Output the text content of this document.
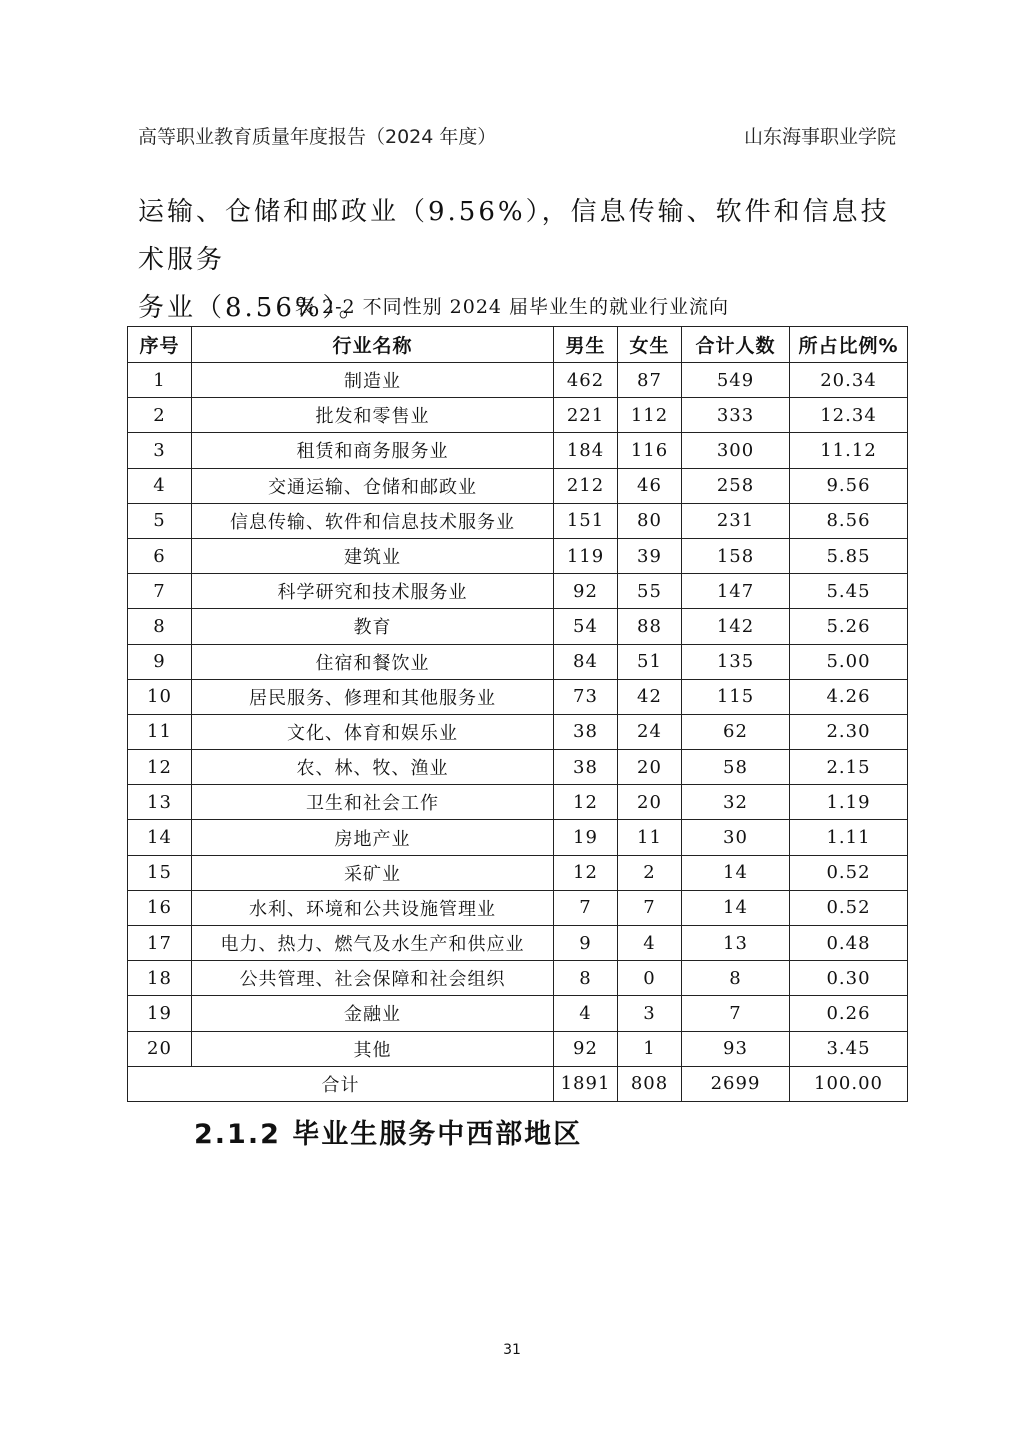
高等职业教育质量年度报告（2024 年度）	山东海事职业学院
运输、仓储和邮政业（9.56%），信息传输、软件和信息技术服务
务业（8.56%）。
表 2-2 不同性别 2024 届毕业生的就业行业流向
序号	行业名称	男生	女生	合计人数	所占比例%
1	制造业	462	87	549	20.34
2	批发和零售业	221	112	333	12.34
3	租赁和商务服务业	184	116	300	11.12
4	交通运输、仓储和邮政业	212	46	258	9.56
5	信息传输、软件和信息技术服务业	151	80	231	8.56
6	建筑业	119	39	158	5.85
7	科学研究和技术服务业	92	55	147	5.45
8	教育	54	88	142	5.26
9	住宿和餐饮业	84	51	135	5.00
10	居民服务、修理和其他服务业	73	42	115	4.26
11	文化、体育和娱乐业	38	24	62	2.30
12	农、林、牧、渔业	38	20	58	2.15
13	卫生和社会工作	12	20	32	1.19
14	房地产业	19	11	30	1.11
15	采矿业	12	2	14	0.52
16	水利、环境和公共设施管理业	7	7	14	0.52
17	电力、热力、燃气及水生产和供应业	9	4	13	0.48
18	公共管理、社会保障和社会组织	8	0	8	0.30
19	金融业	4	3	7	0.26
20	其他	92	1	93	3.45
合计		1891	808	2699	100.00
2.1.2 毕业生服务中西部地区
31
